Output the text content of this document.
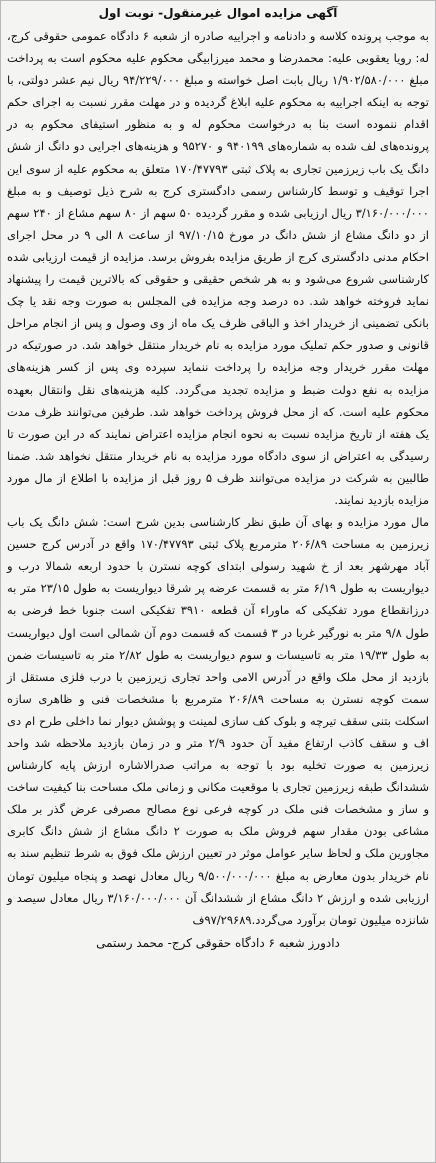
آگهی مزایده اموال غیرمنقول- نوبت اول

به موجب پرونده کلاسه و دادنامه و اجراییه صادره از شعبه ۶ دادگاه عمومی حقوقی کرج، له: رویا یعقوبی علیه: محمدرضا و محمد میرزابیگی محکوم علیه محکوم است به پرداخت مبلغ ۱/۹۰۲/۵۸۰/۰۰۰ ریال بابت اصل خواسته و مبلغ ۹۴/۲۲۹/۰۰۰ ریال نیم عشر دولتی، با توجه به اینکه اجراییه به محکوم علیه ابلاغ گردیده و در مهلت مقرر نسبت به اجرای حکم اقدام ننموده است بنا به درخواست محکوم له و به منظور استیفای محکوم به در پرونده‌های لف شده به شماره‌های ۹۴۰۱۹۹ و ۹۵۲۷۰ و هزینه‌های اجرایی دو دانگ از شش دانگ یک باب زیرزمین تجاری به پلاک ثبتی ۱۷۰/۴۷۷۹۳ متعلق به محکوم علیه از سوی این اجرا توقیف و توسط کارشناس رسمی دادگستری کرج به شرح ذیل توصیف و به مبلغ ۳/۱۶۰/۰۰۰/۰۰۰ ریال ارزیابی شده و مقرر گردیده ۵۰ سهم از ۸۰ سهم مشاع از ۲۴۰ سهم از دو دانگ مشاع از شش دانگ در مورخ ۹۷/۱۰/۱۵ از ساعت ۸ الی ۹ در محل اجرای احکام مدنی دادگستری کرج از طریق مزایده بفروش برسد. مزایده از قیمت ارزیابی شده کارشناسی شروع می‌شود و به هر شخص حقیقی و حقوقی که بالاترین قیمت را پیشنهاد نماید فروخته خواهد شد. ده درصد وجه مزایده فی المجلس به صورت وجه نقد یا چک بانکی تضمینی از خریدار اخذ و الباقی ظرف یک ماه از وی وصول و پس از انجام مراحل قانونی و صدور حکم تملیک مورد مزایده به نام خریدار منتقل خواهد شد. در صورتیکه در مهلت مقرر خریدار وجه مزایده را پرداخت ننماید سپرده وی پس از کسر هزینه‌های مزایده به نفع دولت ضبط و مزایده تجدید می‌گردد. کلیه هزینه‌های نقل وانتقال بعهده محکوم علیه است. که از محل فروش پرداخت خواهد شد. طرفین می‌توانند ظرف مدت یک هفته از تاریخ مزایده نسبت به نحوه انجام مزایده اعتراض نمایند که در این صورت تا رسیدگی به اعتراض از سوی دادگاه مورد مزایده به نام خریدار منتقل نخواهد شد. ضمنا طالبین به شرکت در مزایده می‌توانند ظرف ۵ روز قبل از مزایده با اطلاع از مال مورد مزایده بازدید نمایند.

مال مورد مزایده و بهای آن طبق نظر کارشناسی بدین شرح است: شش دانگ یک باب زیرزمین به مساحت ۲۰۶/۸۹ مترمربع پلاک ثبتی ۱۷۰/۴۷۷۹۳ واقع در آدرس کرج حسین آباد مهرشهر بعد از خ شهید رسولی ابتدای کوچه نسترن با حدود اربعه شمالا درب و دیواریست به طول ۶/۱۹ متر به قسمت عرضه پر شرقا دیواریست به طول ۲۳/۱۵ متر به درزانقطاع مورد تفکیکی که ماوراء آن قطعه ۳۹۱۰ تفکیکی است جنوبا خط فرضی به طول ۹/۸ متر به نورگیر غربا در ۳ قسمت که قسمت دوم آن شمالی است اول دیواریست به طول ۱۹/۳۳ متر به تاسیسات و سوم دیواریست به طول ۲/۸۲ متر به تاسیسات ضمن بازدید از محل ملک واقع در آدرس الامی واحد تجاری زیرزمین با درب فلزی مستقل از سمت کوچه نسترن به مساحت ۲۰۶/۸۹ مترمربع با مشخصات فنی و ظاهری سازه اسکلت بتنی سقف تیرچه و بلوک کف سازی لمینت و پوشش دیوار نما داخلی طرح ام دی اف و سقف کاذب ارتفاع مفید آن حدود ۲/۹ متر و در زمان بازدید ملاحظه شد واحد زیرزمین به صورت تخلیه بود با توجه به مراتب صدرالاشاره ارزش پایه کارشناس ششدانگ طبقه زیرزمین تجاری با موقعیت مکانی و زمانی ملک مساحت بنا کیفیت ساخت و ساز و مشخصات فنی ملک در کوچه فرعی نوع مصالح مصرفی عرض گذر بر ملک مشاعی بودن مقدار سهم فروش ملک به صورت ۲ دانگ مشاع از شش دانگ کابری مجاورین ملک و لحاظ سایر عوامل موثر در تعیین ارزش ملک فوق به شرط تنظیم سند به نام خریدار بدون معارض به مبلغ ۹/۵۰۰/۰۰۰/۰۰۰ ریال معادل نهصد و پنجاه میلیون تومان ارزیابی شده و ارزش ۲ دانگ مشاع از ششدانگ آن ۳/۱۶۰/۰۰۰/۰۰۰ ریال معادل سیصد و شانزده میلیون تومان برآورد می‌گردد.۹۷/۲۹۶۸۹ف

دادورز شعبه ۶ دادگاه حقوقی کرج- محمد رستمی
